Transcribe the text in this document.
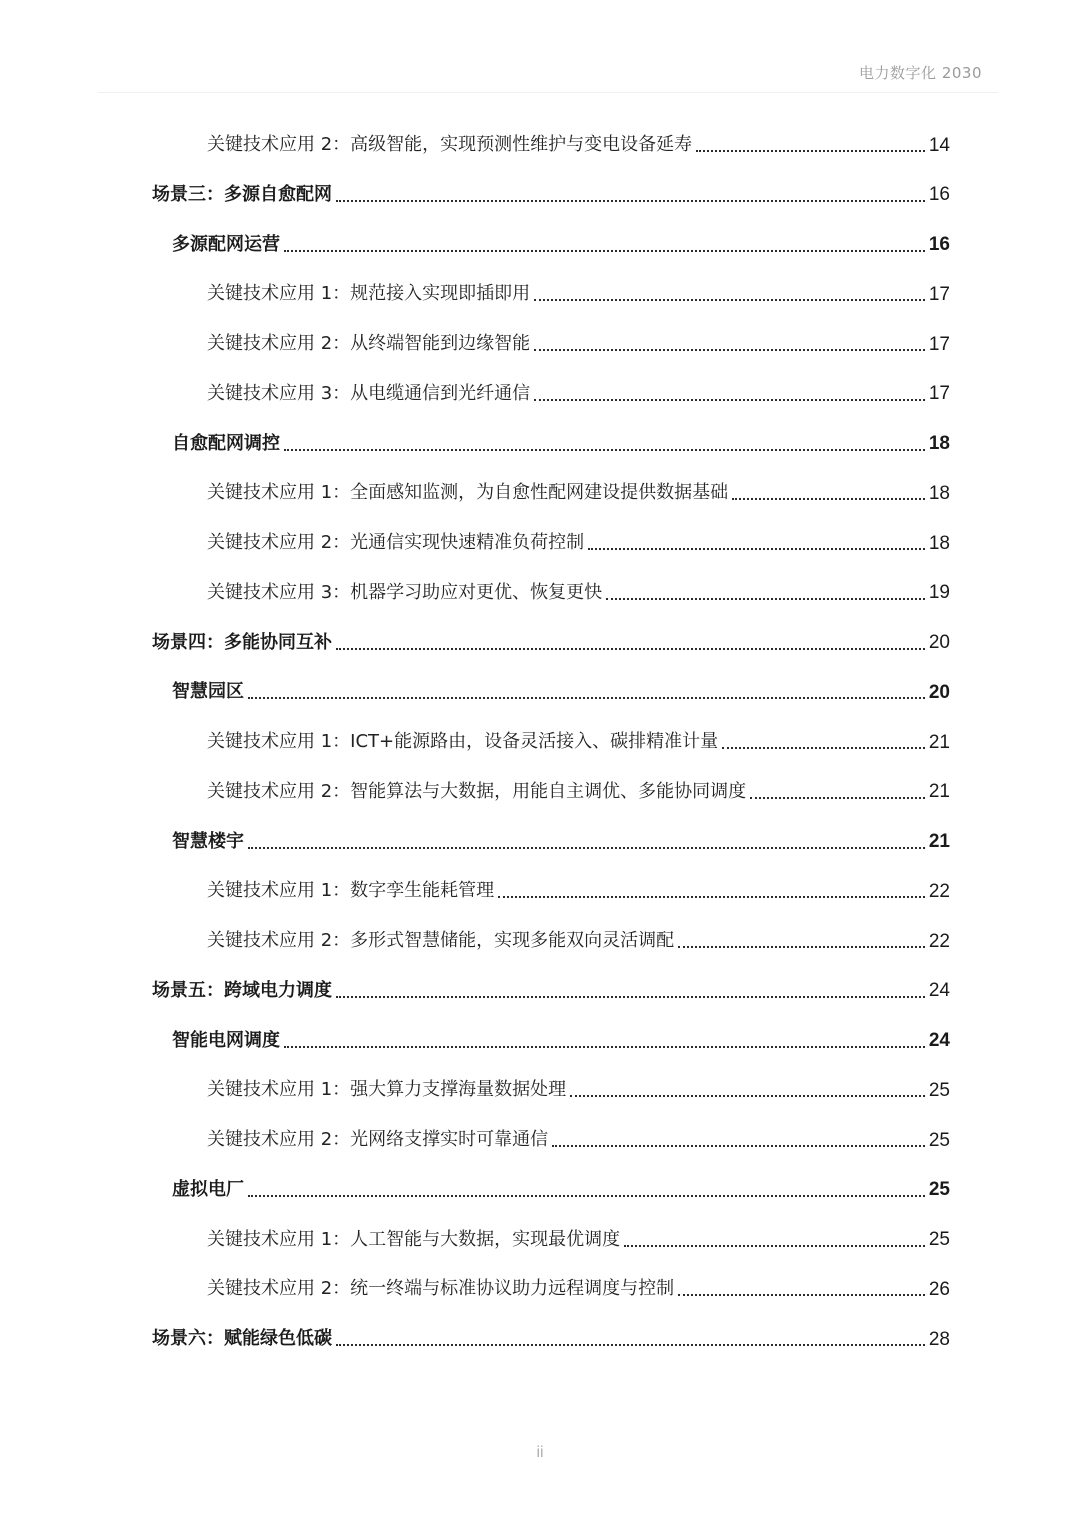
电力数字化 2030
关键技术应用 2：高级智能，实现预测性维护与变电设备延寿	14
场景三：多源自愈配网	16
多源配网运营	16
关键技术应用 1：规范接入实现即插即用	17
关键技术应用 2：从终端智能到边缘智能	17
关键技术应用 3：从电缆通信到光纤通信	17
自愈配网调控	18
关键技术应用 1：全面感知监测，为自愈性配网建设提供数据基础	18
关键技术应用 2：光通信实现快速精准负荷控制	18
关键技术应用 3：机器学习助应对更优、恢复更快	19
场景四：多能协同互补	20
智慧园区	20
关键技术应用 1：ICT+能源路由，设备灵活接入、碳排精准计量	21
关键技术应用 2：智能算法与大数据，用能自主调优、多能协同调度	21
智慧楼宇	21
关键技术应用 1：数字孪生能耗管理	22
关键技术应用 2：多形式智慧储能，实现多能双向灵活调配	22
场景五：跨域电力调度	24
智能电网调度	24
关键技术应用 1：强大算力支撑海量数据处理	25
关键技术应用 2：光网络支撑实时可靠通信	25
虚拟电厂	25
关键技术应用 1：人工智能与大数据，实现最优调度	25
关键技术应用 2：统一终端与标准协议助力远程调度与控制	26
场景六：赋能绿色低碳	28
ii
